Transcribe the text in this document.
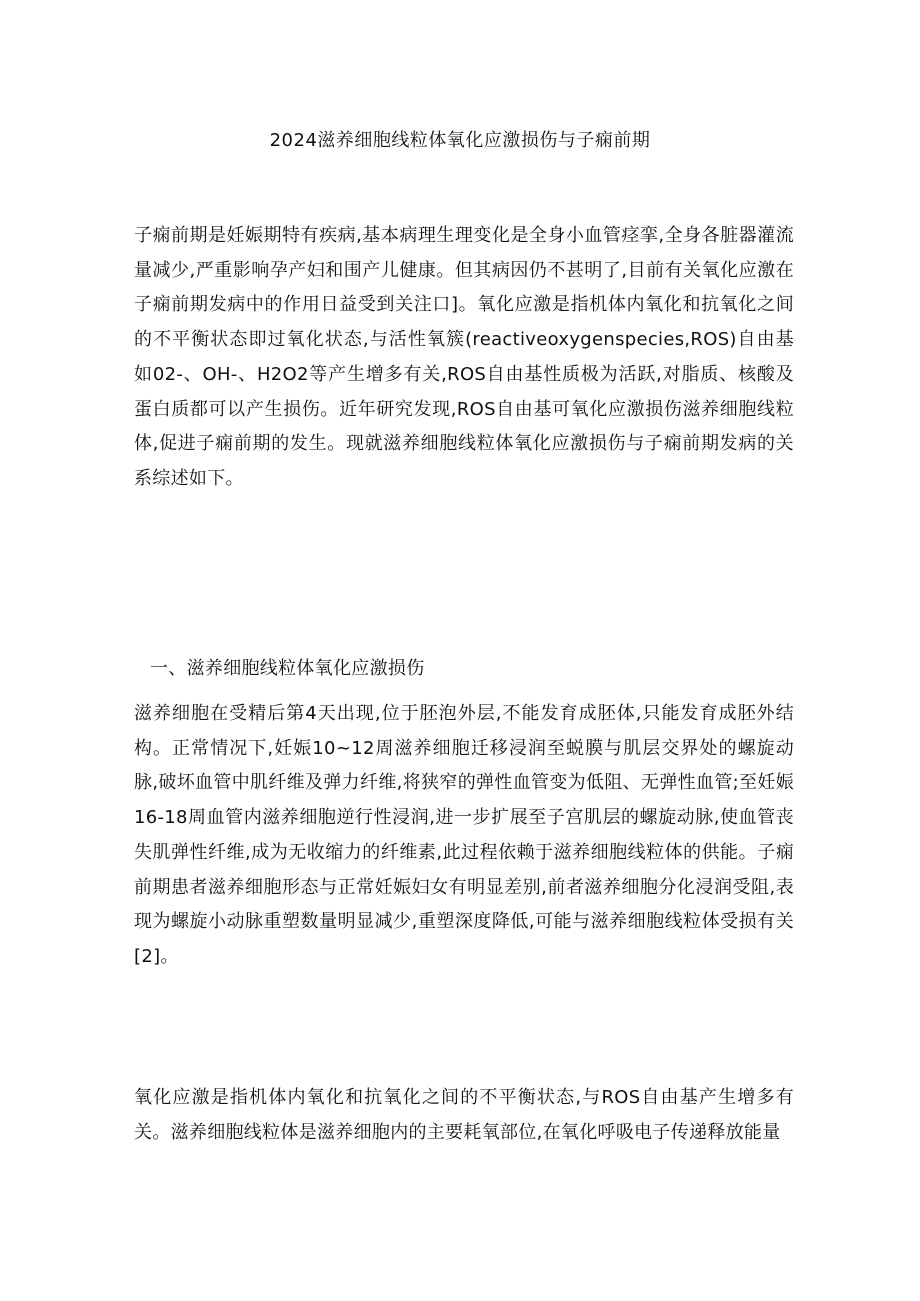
2024滋养细胞线粒体氧化应激损伤与子痫前期

子痫前期是妊娠期特有疾病,基本病理生理变化是全身小血管痉挛,全身各脏器灌流量减少,严重影响孕产妇和围产儿健康。但其病因仍不甚明了,目前有关氧化应激在子痫前期发病中的作用日益受到关注口]。氧化应激是指机体内氧化和抗氧化之间的不平衡状态即过氧化状态,与活性氧簇(reactiveoxygenspecies,ROS)自由基如02-、OH-、H2O2等产生增多有关,ROS自由基性质极为活跃,对脂质、核酸及蛋白质都可以产生损伤。近年研究发现,ROS自由基可氧化应激损伤滋养细胞线粒体,促进子痫前期的发生。现就滋养细胞线粒体氧化应激损伤与子痫前期发病的关系综述如下。

一、滋养细胞线粒体氧化应激损伤

滋养细胞在受精后第4天出现,位于胚泡外层,不能发育成胚体,只能发育成胚外结构。正常情况下,妊娠10~12周滋养细胞迁移浸润至蜕膜与肌层交界处的螺旋动脉,破坏血管中肌纤维及弹力纤维,将狭窄的弹性血管变为低阻、无弹性血管;至妊娠16-18周血管内滋养细胞逆行性浸润,进一步扩展至子宫肌层的螺旋动脉,使血管丧失肌弹性纤维,成为无收缩力的纤维素,此过程依赖于滋养细胞线粒体的供能。子痫前期患者滋养细胞形态与正常妊娠妇女有明显差别,前者滋养细胞分化浸润受阻,表现为螺旋小动脉重塑数量明显减少,重塑深度降低,可能与滋养细胞线粒体受损有关[2]。

氧化应激是指机体内氧化和抗氧化之间的不平衡状态,与ROS自由基产生增多有关。滋养细胞线粒体是滋养细胞内的主要耗氧部位,在氧化呼吸电子传递释放能量
